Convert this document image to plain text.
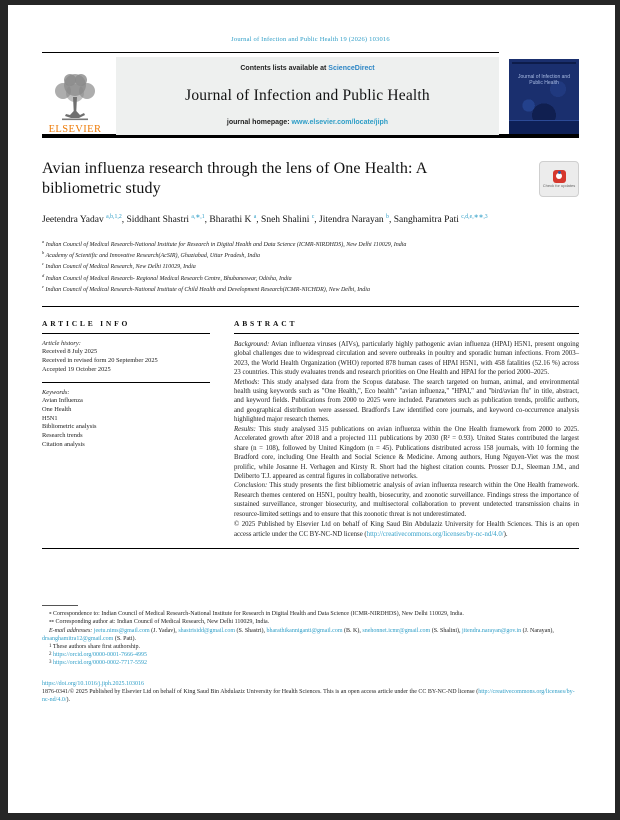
Journal of Infection and Public Health 19 (2026) 103016
ELSEVIER
Contents lists available at ScienceDirect
Journal of Infection and Public Health
journal homepage: www.elsevier.com/locate/jiph
Journal of Infection and Public Health
Avian influenza research through the lens of One Health: A bibliometric study	Check for updates
Jeetendra Yadav $^{a,b,1,2}$, Siddhant Shastri $^{a,∗,1}$, Bharathi K $^a$, Sneh Shalini $^c$, Jitendra Narayan $^b$, Sanghamitra Pati $^{c,d,e,∗∗,3}$
$^a$ Indian Council of Medical Research-National Institute for Research in Digital Health and Data Science (ICMR-NIRDHDS), New Delhi 110029, India
$^b$ Academy of Scientific and Innovative Research(AcSIR), Ghaziabad, Uttar Pradesh, India
$^c$ Indian Council of Medical Research, New Delhi 110029, India
$^d$ Indian Council of Medical Research- Regional Medical Research Centre, Bhubaneswar, Odisha, India
$^e$ Indian Council of Medical Research-National Institute of Child Health and Development Research(ICMR-NICHDR), New Delhi, India
ARTICLE INFO
Article history:
Received 8 July 2025
Received in revised form 20 September 2025
Accepted 19 October 2025
Keywords:
Avian Influenza
One Health
H5N1
Bibliometric analysis
Research trends
Citation analysis
ABSTRACT
Background: Avian influenza viruses (AIVs), particularly highly pathogenic avian influenza (HPAI) H5N1, present ongoing global challenges due to widespread circulation and severe outbreaks in poultry and sporadic human infections. From 2003–2023, the World Health Organization (WHO) reported 878 human cases of HPAI H5N1, with 458 fatalities (52.16 %) across 23 countries. This study evaluates trends and research priorities on One Health and HPAI for the period 2000–2025.
Methods: This study analysed data from the Scopus database. The search targeted on human, animal, and environmental health using keywords such as "One Health,", Eco health" "avian influenza," "HPAI," and "bird/avian flu" in title, abstract, and keyword fields. Publications from 2000 to 2025 were included. Parameters such as publication trends, prolific authors, and geographical distribution were assessed. Bradford's Law identified core journals, and keyword co-occurrence analysis highlighted major research themes.
Results: This study analysed 315 publications on avian influenza within the One Health framework from 2000 to 2025. Accelerated growth after 2018 and a projected 111 publications by 2030 (R² = 0.93). United States contributed the largest share (n = 108), followed by United Kingdom (n = 45). Publications distributed across 158 journals, with 10 forming the Bradford core, including One Health and Social Science & Medicine. Among authors, Hung Nguyen-Viet was the most prolific, while Josanne H. Verhagen and Kirsty R. Short had the highest citation counts. Prosser D.J., Sleeman J.M., and Deliberto T.J. appeared as central figures in collaborative networks.
Conclusion: This study presents the first bibliometric analysis of avian influenza research within the One Health framework. Research themes centered on H5N1, poultry health, biosecurity, and zoonotic surveillance. Findings stress the importance of sustained surveillance, stronger biosecurity, and multisectoral collaboration to prevent undetected transmission chains in resource-limited settings and to ensure that this zoonotic threat is not underestimated.
© 2025 Published by Elsevier Ltd on behalf of King Saud Bin Abdulaziz University for Health Sciences. This is an open access article under the CC BY-NC-ND license (http://creativecommons.org/licenses/by-nc-nd/4.0/).
⁎ Correspondence to: Indian Council of Medical Research-National Institute for Research in Digital Health and Data Science (ICMR-NIRDHDS), New Delhi 110029, India.
⁎⁎ Corresponding author at: Indian Council of Medical Research, New Delhi 110029, India.
E-mail addresses: jeetu.nims@gmail.com (J. Yadav), shastrisidd@gmail.com (S. Shastri), bharathikanniganti@gmail.com (B. K), snehonnet.icmr@gmail.com (S. Shalini), jitendra.narayan@gov.in (J. Narayan), drsanghamitra12@gmail.com (S. Pati).
1 These authors share first authorship.
2 https://orcid.org/0000-0001-7666-4995
3 https://orcid.org/0000-0002-7717-5592
https://doi.org/10.1016/j.jiph.2025.103016
1876-0341/© 2025 Published by Elsevier Ltd on behalf of King Saud Bin Abdulaziz University for Health Sciences. This is an open access article under the CC BY-NC-ND license (http://creativecommons.org/licenses/by-nc-nd/4.0/).
